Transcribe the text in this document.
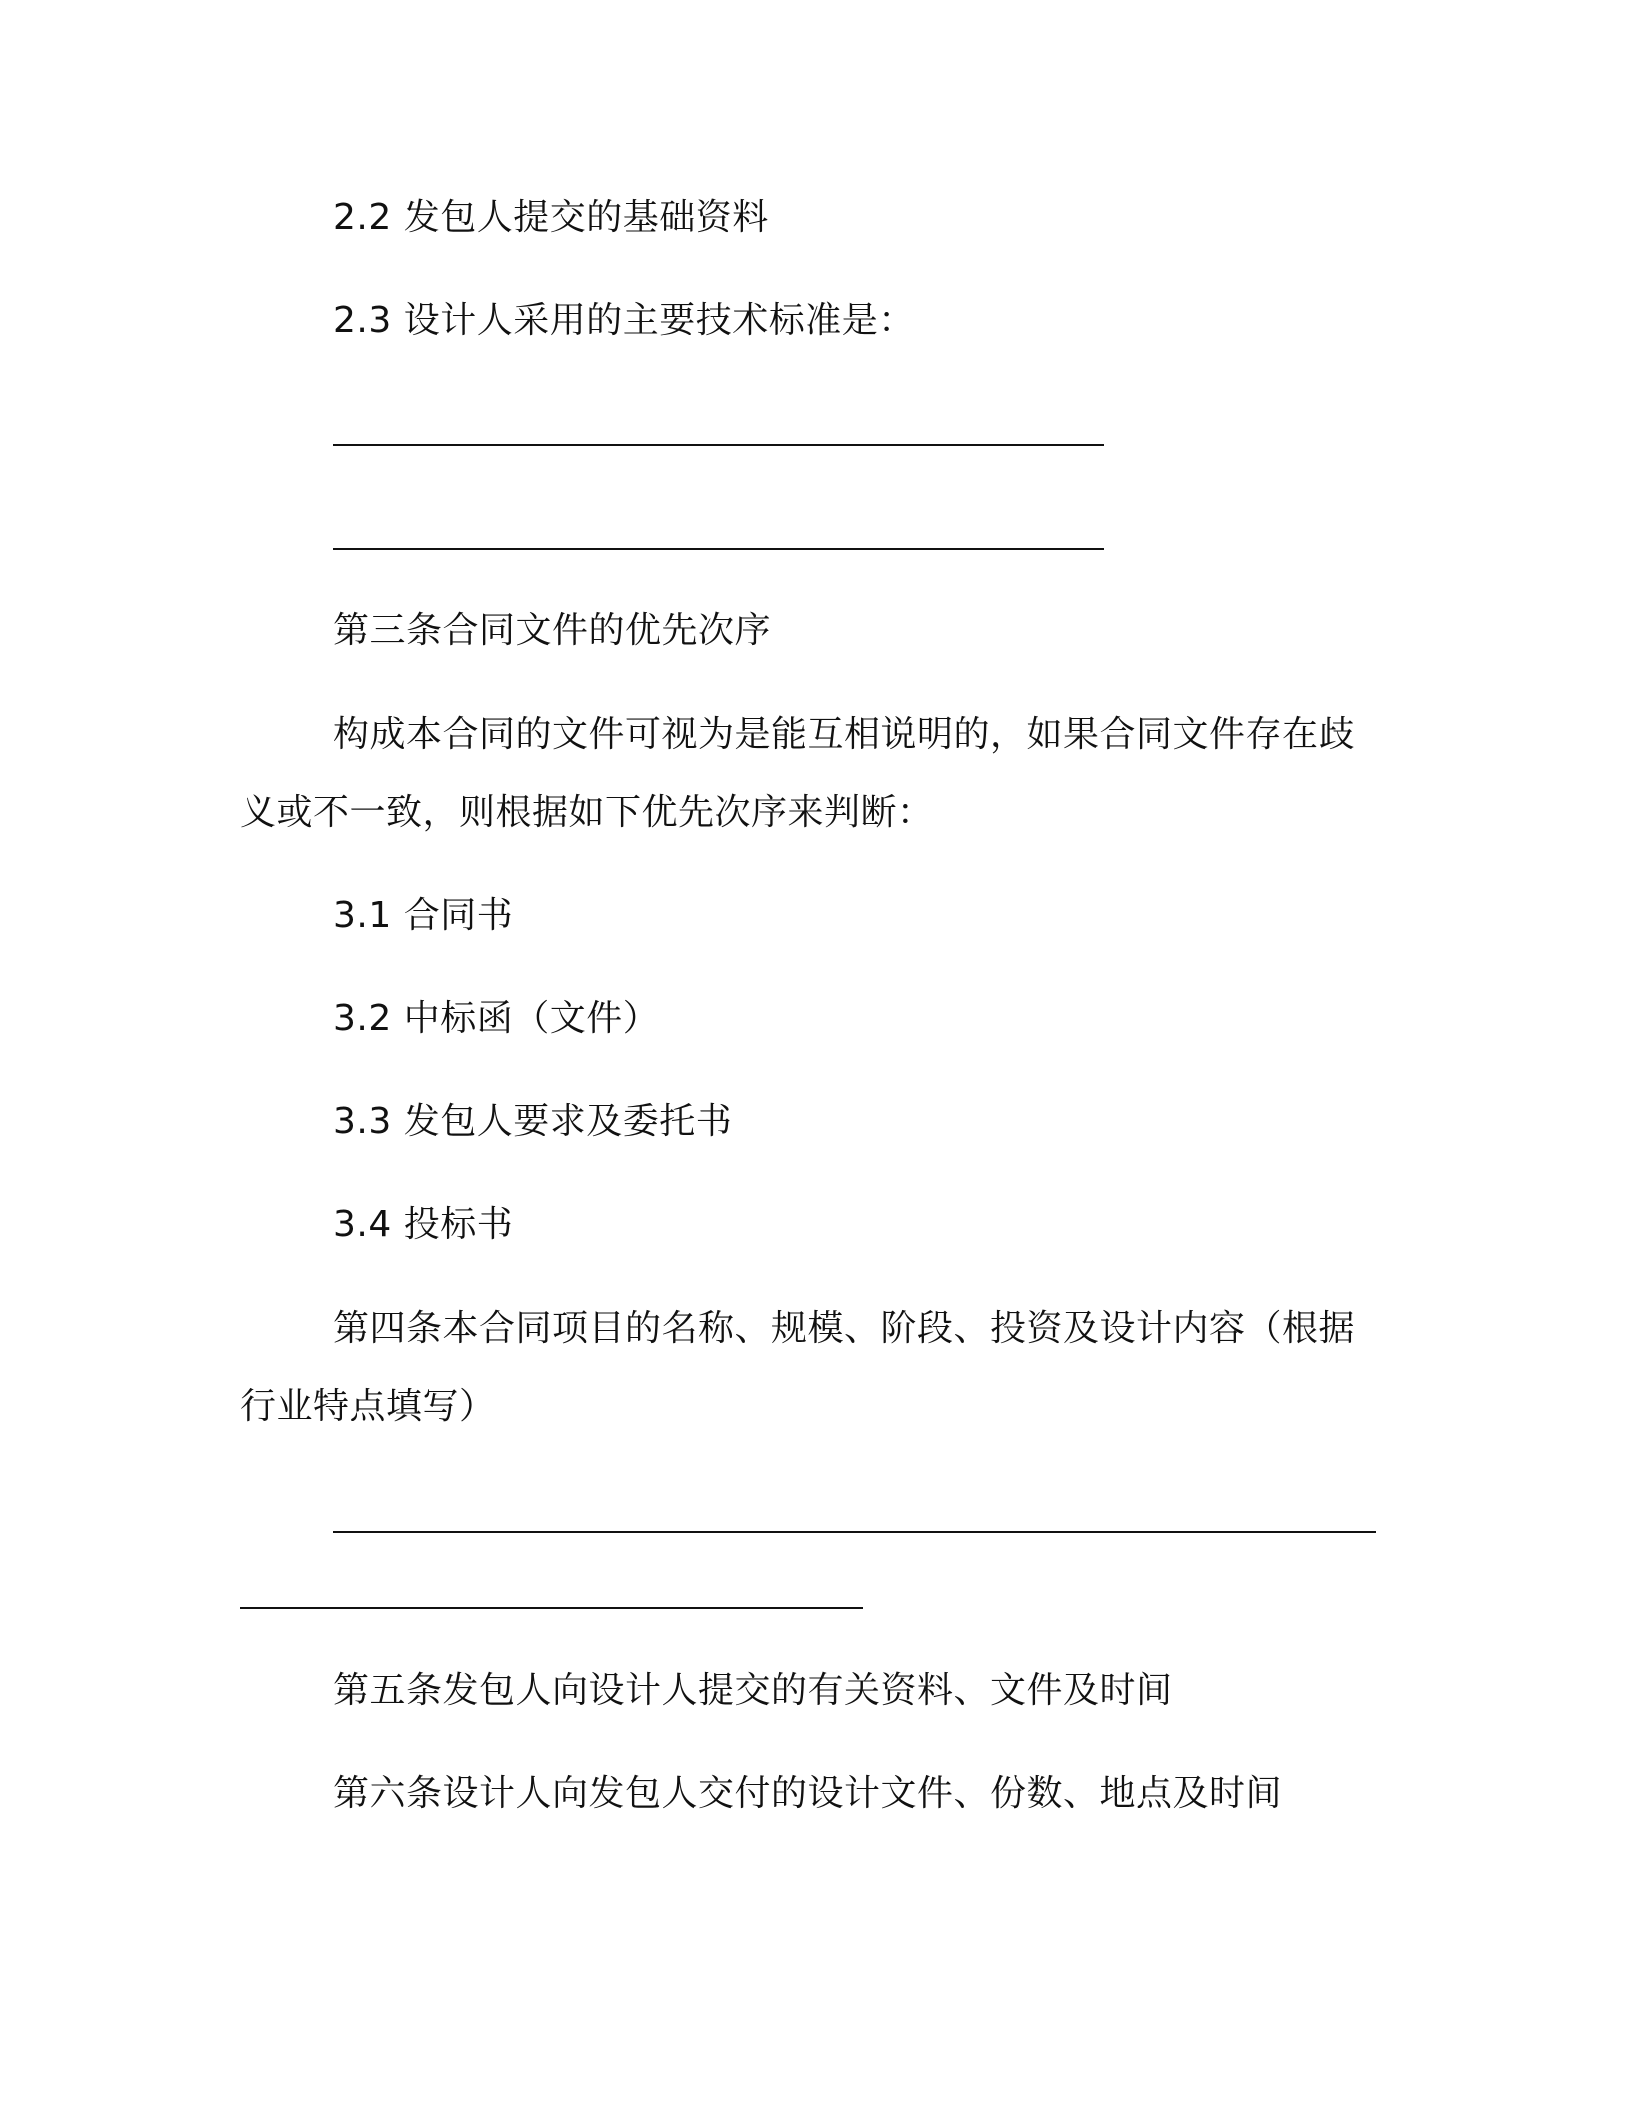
2.2 发包人提交的基础资料
2.3 设计人采用的主要技术标准是：
第三条合同文件的优先次序
构成本合同的文件可视为是能互相说明的，如果合同文件存在歧
义或不一致，则根据如下优先次序来判断：
3.1 合同书
3.2 中标函（文件）
3.3 发包人要求及委托书
3.4 投标书
第四条本合同项目的名称、规模、阶段、投资及设计内容（根据
行业特点填写）
第五条发包人向设计人提交的有关资料、文件及时间
第六条设计人向发包人交付的设计文件、份数、地点及时间
